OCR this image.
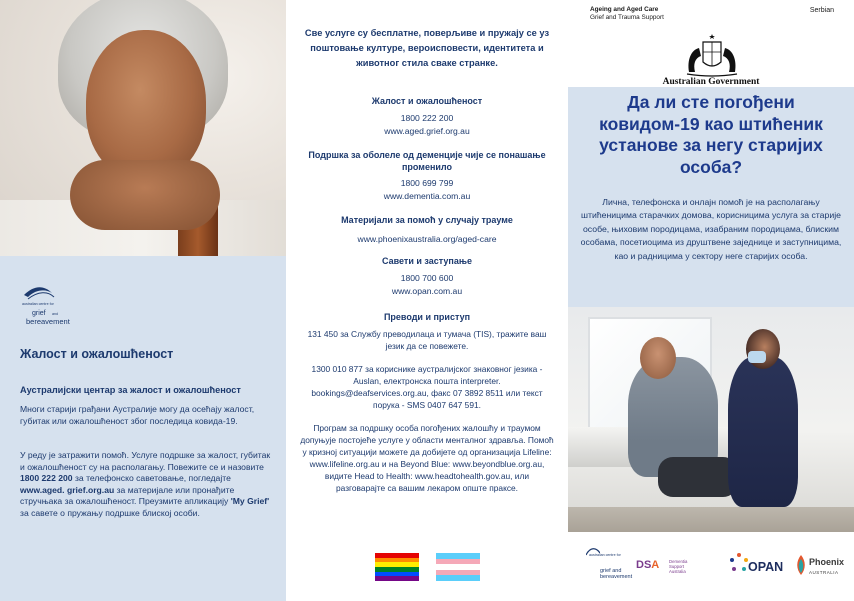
australian centre for
grief and
bereavement
Жалост и ожалошћеност

Аустралијски центар за жалост и ожалошћеност

Многи старији грађани Аустралије могу да осећају жалост, губитак или ожалошћеност због последица ковида-19.

У реду је затражити помоћ. Услуге подршке за жалост, губитак и ожалошћеност су на располагању. Повежите се и назовите 1800 222 200 за телефонско саветовање, погледајте www.aged. grief.org.au за материјале или пронађите стручњака за ожалошћеност. Преузмите апликацију 'My Grief' за савете о пружању подршке блиској особи.

Све услуге су бесплатне, поверљиве и пружају се уз поштовање културе, вероисповести, идентитета и животног стила сваке странке.

Жалост и ожалошћеност

1800 222 200

www.aged.grief.org.au

Подршка за оболеле од деменције чије се понашање променило

1800 699 799

www.dementia.com.au

Материјали за помоћ у случају трауме

www.phoenixaustralia.org/aged-care

Савети и заступање

1800 700 600

www.opan.com.au

Преводи и приступ

131 450 за Службу преводилаца и тумача (TIS), тражите ваш језик да се повежете.

1300 010 877 за кориснике аустралијског знаковног језика - Auslan, електронска пошта interpreter. bookings@deafservices.org.au, факс 07 3892 8511 или текст порука - SMS 0407 647 591.

Програм за подршку особа погођених жалошћу и траумом допуњује постојеће услуге у области менталног здравља. Помоћ у кризној ситуацији можете да добијете од организација Lifeline: www.lifeline.org.au и на Beyond Blue: www.beyondblue.org.au, видите Head to Health: www.headtohealth.gov.au, или разговарајте са вашим лекаром опште праксе.

Ageing and Aged Care
Grief and Trauma Support

Serbian

Australian Government

Да ли сте погођени ковидом-19 као штићеник установе за негу старијих особа?

Лична, телефонска и онлајн помоћ је на располагању штићеницима старачких домова, корисницима услуга за старије особе, њиховим породицама, изабраним породицама, блиским особама, посетиоцима из друштвене заједнице и заступницима, као и радницима у сектору неге старијих особа.

australian centre for

grief and bereavement

DSA Dementia Support Australia	OPAN	Phoenix

AUSTRALIA
